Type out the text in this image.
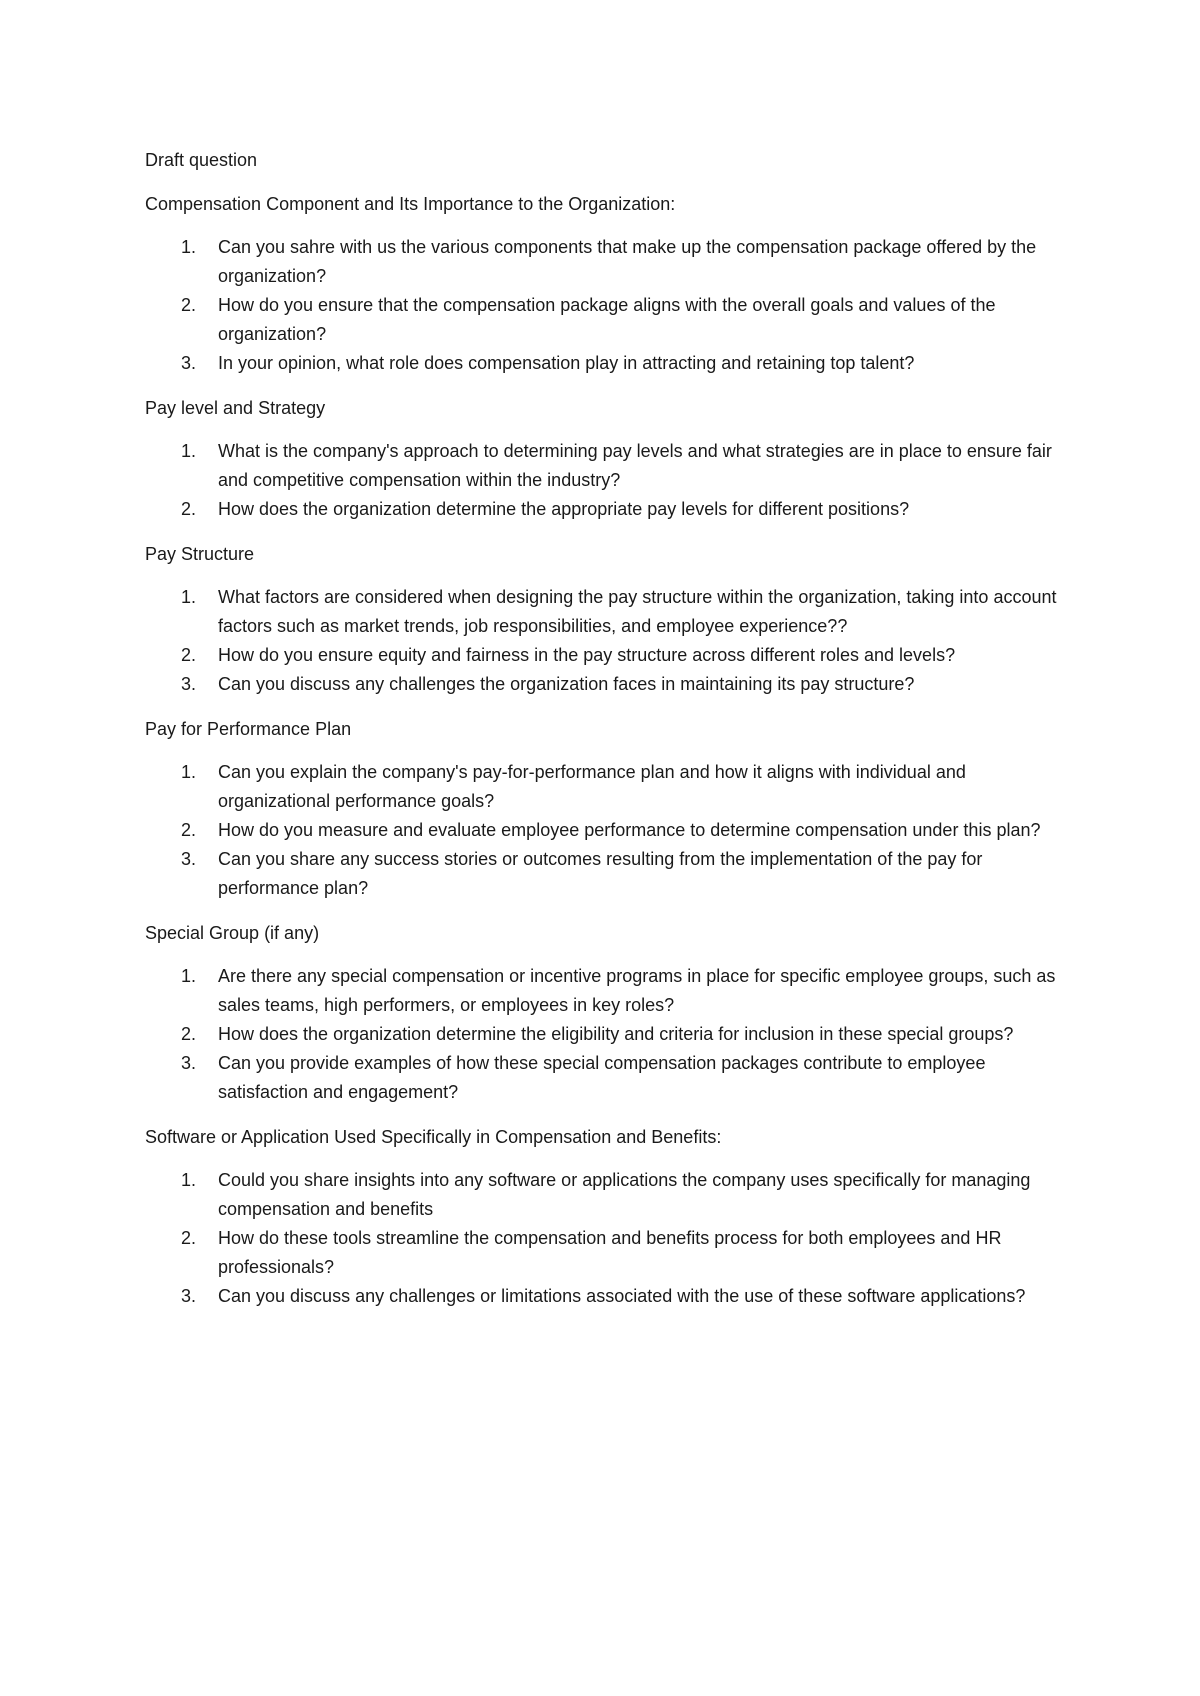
Draft question

Compensation Component and Its Importance to the Organization:

1. Can you sahre with us the various components that make up the compensation package offered by the organization?
2. How do you ensure that the compensation package aligns with the overall goals and values of the organization?
3. In your opinion, what role does compensation play in attracting and retaining top talent?

Pay level and Strategy

1. What is the company's approach to determining pay levels and what strategies are in place to ensure fair and competitive compensation within the industry?
2. How does the organization determine the appropriate pay levels for different positions?

Pay Structure

1. What factors are considered when designing the pay structure within the organization, taking into account factors such as market trends, job responsibilities, and employee experience??
2. How do you ensure equity and fairness in the pay structure across different roles and levels?
3. Can you discuss any challenges the organization faces in maintaining its pay structure?

Pay for Performance Plan

1. Can you explain the company's pay-for-performance plan and how it aligns with individual and organizational performance goals?
2. How do you measure and evaluate employee performance to determine compensation under this plan?
3. Can you share any success stories or outcomes resulting from the implementation of the pay for performance plan?

Special Group (if any)

1. Are there any special compensation or incentive programs in place for specific employee groups, such as sales teams, high performers, or employees in key roles?
2. How does the organization determine the eligibility and criteria for inclusion in these special groups?
3. Can you provide examples of how these special compensation packages contribute to employee satisfaction and engagement?

Software or Application Used Specifically in Compensation and Benefits:

1. Could you share insights into any software or applications the company uses specifically for managing compensation and benefits
2. How do these tools streamline the compensation and benefits process for both employees and HR professionals?
3. Can you discuss any challenges or limitations associated with the use of these software applications?
